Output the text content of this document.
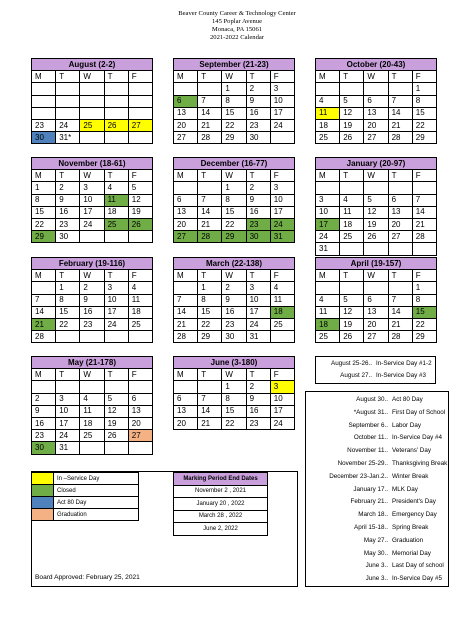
Beaver County Career & Technology Center
145 Poplar Avenue
Monaca, PA 15061
2021-2022 Calendar
August (2-2)				
M	T	W	T	F

23	24	25	26	27
30	31*			
September (21-23)				
M	T	W	T	F
		1	2	3
6	7	8	9	10
13	14	15	16	17
20	21	22	23	24
27	28	29	30	
October (20-43)				
M	T	W	T	F
				1
4	5	6	7	8
11	12	13	14	15
18	19	20	21	22
25	26	27	28	29
November (18-61)				
M	T	W	T	F
1	2	3	4	5
8	9	10	11	12
15	16	17	18	19
22	23	24	25	26
29	30			
December (16-77)				
M	T	W	T	F
		1	2	3
6	7	8	9	10
13	14	15	16	17
20	21	22	23	24
27	28	29	30	31
January (20-97)				
M	T	W	T	F

3	4	5	6	7
10	11	12	13	14
17	18	19	20	21
24	25	26	27	28
31				
February (19-116)				
M	T	W	T	F
	1	2	3	4
7	8	9	10	11
14	15	16	17	18
21	22	23	24	25
28				
March (22-138)				
M	T	W	T	F
	1	2	3	4
7	8	9	10	11
14	15	16	17	18
21	22	23	24	25
28	29	30	31	
April (19-157)				
M	T	W	T	F
				1
4	5	6	7	8
11	12	13	14	15
18	19	20	21	22
25	26	27	28	29
May (21-178)				
M	T	W	T	F

2	3	4	5	6
9	10	11	12	13
16	17	18	19	20
23	24	25	26	27
30	31			
June (3-180)				
M	T	W	T	F
		1	2	3
6	7	8	9	10
13	14	15	16	17
20	21	22	23	24
August 25-26.. In-Service Day #1-2
August 27.. In-Service Day #3
August 30.. Act 80 Day
*August 31.. First Day of School
September 6.. Labor Day
October 11.. In-Service Day #4
November 11.. Veterans' Day
November 25-29.. Thanksgiving Break
December 23-Jan.2.. Winter Break
January 17.. MLK Day
February 21.. President's Day
March 18.. Emergency Day
April 15-18.. Spring Break
May 27.. Graduation
May 30.. Memorial Day
June 3.. Last Day of school
June 3.. In-Service Day #5
	In –Service Day
	Closed
	Act 80 Day
	Graduation
Marking Period End Dates
November 2 , 2021
January 20 , 2022
March 28 , 2022
June 2, 2022
Board Approved: February 25, 2021
